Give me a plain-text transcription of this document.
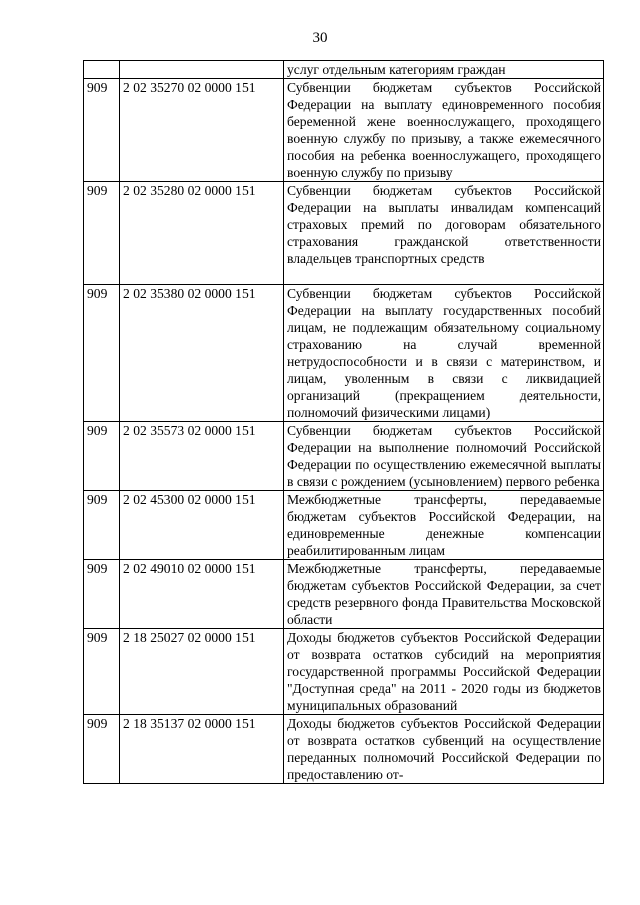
30

		услуг отдельным категориям граждан

909	2 02 35270 02 0000 151	Субвенции бюджетам субъектов Российской Федерации на выплату единовременного пособия беременной жене военнослужащего, проходящего военную службу по призыву, а также ежемесячного пособия на ребенка военнослужащего, проходящего военную службу по призыву

909	2 02 35280 02 0000 151	Субвенции бюджетам субъектов Российской Федерации на выплаты инвалидам компенсаций страховых премий по договорам обязательного страхования гражданской ответственности владельцев транспортных средств

909	2 02 35380 02 0000 151	Субвенции бюджетам субъектов Российской Федерации на выплату государственных пособий лицам, не подлежащим обязательному социальному страхованию на случай временной нетрудоспособности и в связи с материнством, и лицам, уволенным в связи с ликвидацией организаций (прекращением деятельности, полномочий физическими лицами)

909	2 02 35573 02 0000 151	Субвенции бюджетам субъектов Российской Федерации на выполнение полномочий Российской Федерации по осуществлению ежемесячной выплаты в связи с рождением (усыновлением) первого ребенка

909	2 02 45300 02 0000 151	Межбюджетные трансферты, передаваемые бюджетам субъектов Российской Федерации, на единовременные денежные компенсации реабилитированным лицам

909	2 02 49010 02 0000 151	Межбюджетные трансферты, передаваемые бюджетам субъектов Российской Федерации, за счет средств резервного фонда Правительства Московской области

909	2 18 25027 02 0000 151	Доходы бюджетов субъектов Российской Федерации от возврата остатков субсидий на мероприятия государственной программы Российской Федерации "Доступная среда" на 2011 - 2020 годы из бюджетов муниципальных образований

909	2 18 35137 02 0000 151	Доходы бюджетов субъектов Российской Федерации от возврата остатков субвенций на осуществление переданных полномочий Российской Федерации по предоставлению от-
